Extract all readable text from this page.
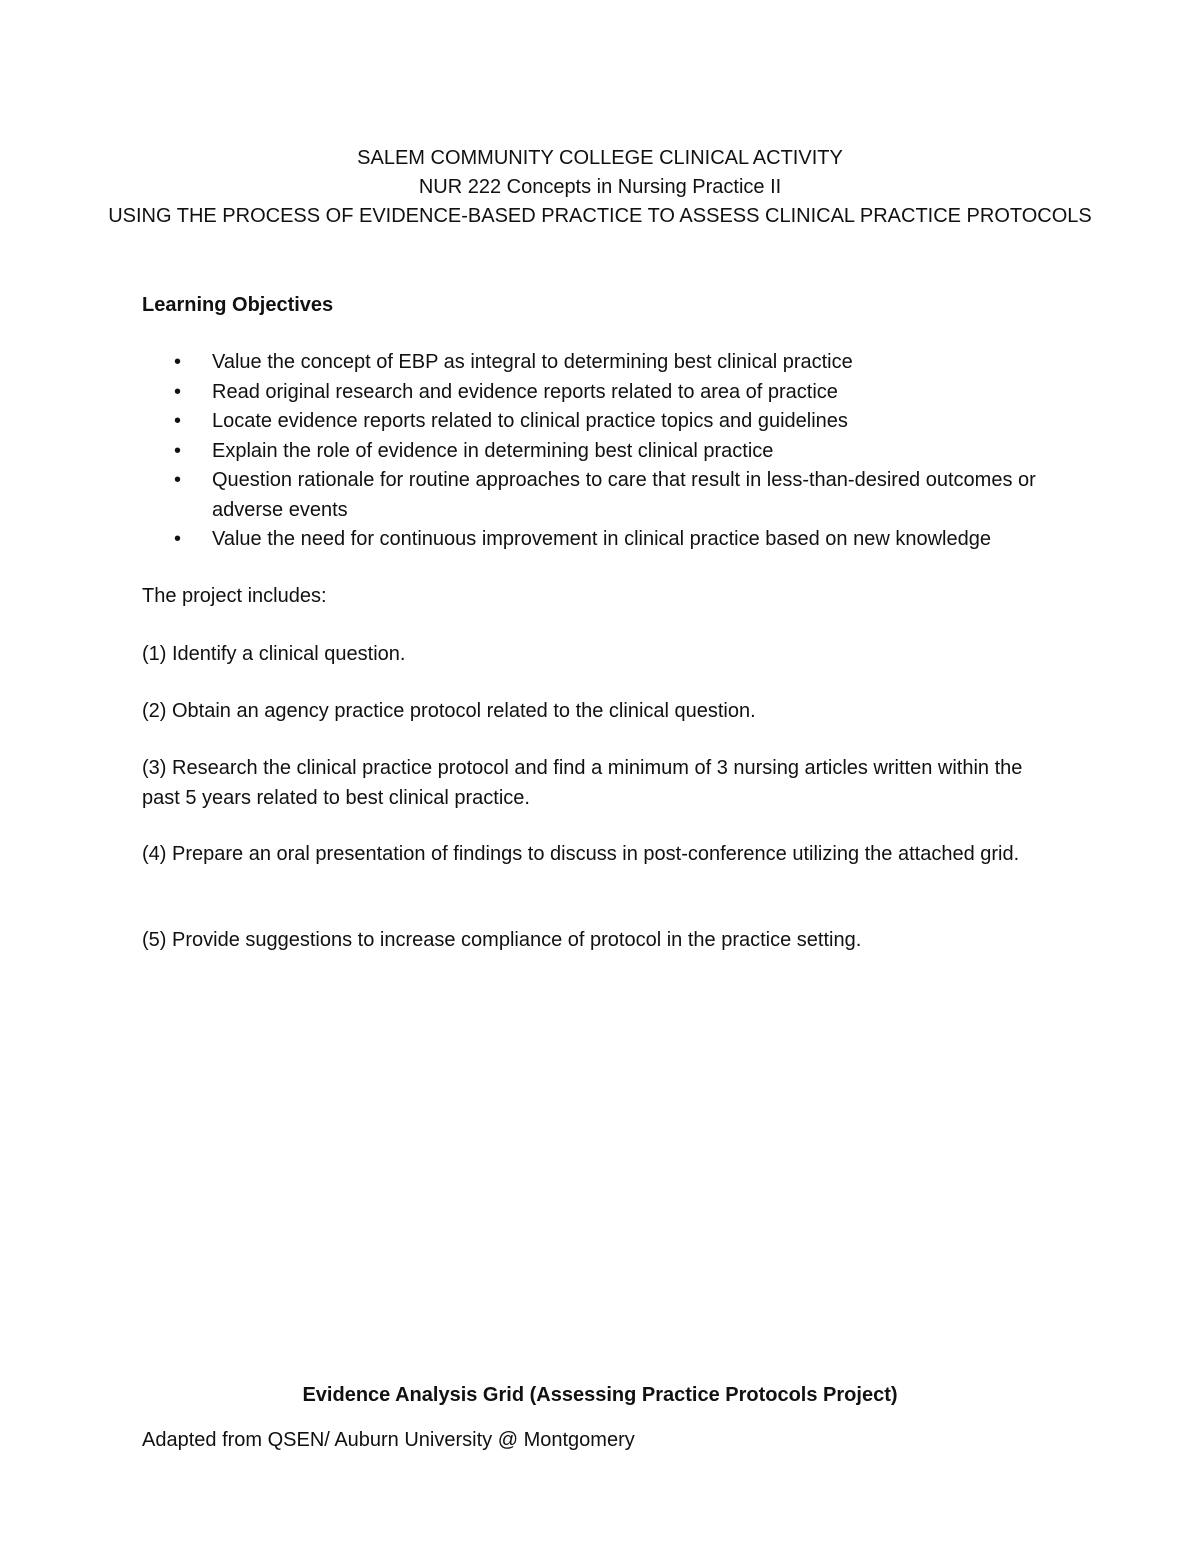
SALEM COMMUNITY COLLEGE CLINICAL ACTIVITY
NUR 222 Concepts in Nursing Practice II
USING THE PROCESS OF EVIDENCE-BASED PRACTICE TO ASSESS CLINICAL PRACTICE PROTOCOLS
Learning Objectives
• Value the concept of EBP as integral to determining best clinical practice
• Read original research and evidence reports related to area of practice
• Locate evidence reports related to clinical practice topics and guidelines
• Explain the role of evidence in determining best clinical practice
• Question rationale for routine approaches to care that result in less-than-desired outcomes or adverse events
• Value the need for continuous improvement in clinical practice based on new knowledge
The project includes:
(1) Identify a clinical question.
(2) Obtain an agency practice protocol related to the clinical question.
(3) Research the clinical practice protocol and find a minimum of 3 nursing articles written within the past 5 years related to best clinical practice.
(4) Prepare an oral presentation of findings to discuss in post-conference utilizing the attached grid.
(5) Provide suggestions to increase compliance of protocol in the practice setting.
Evidence Analysis Grid (Assessing Practice Protocols Project)
Adapted from QSEN/ Auburn University @ Montgomery
